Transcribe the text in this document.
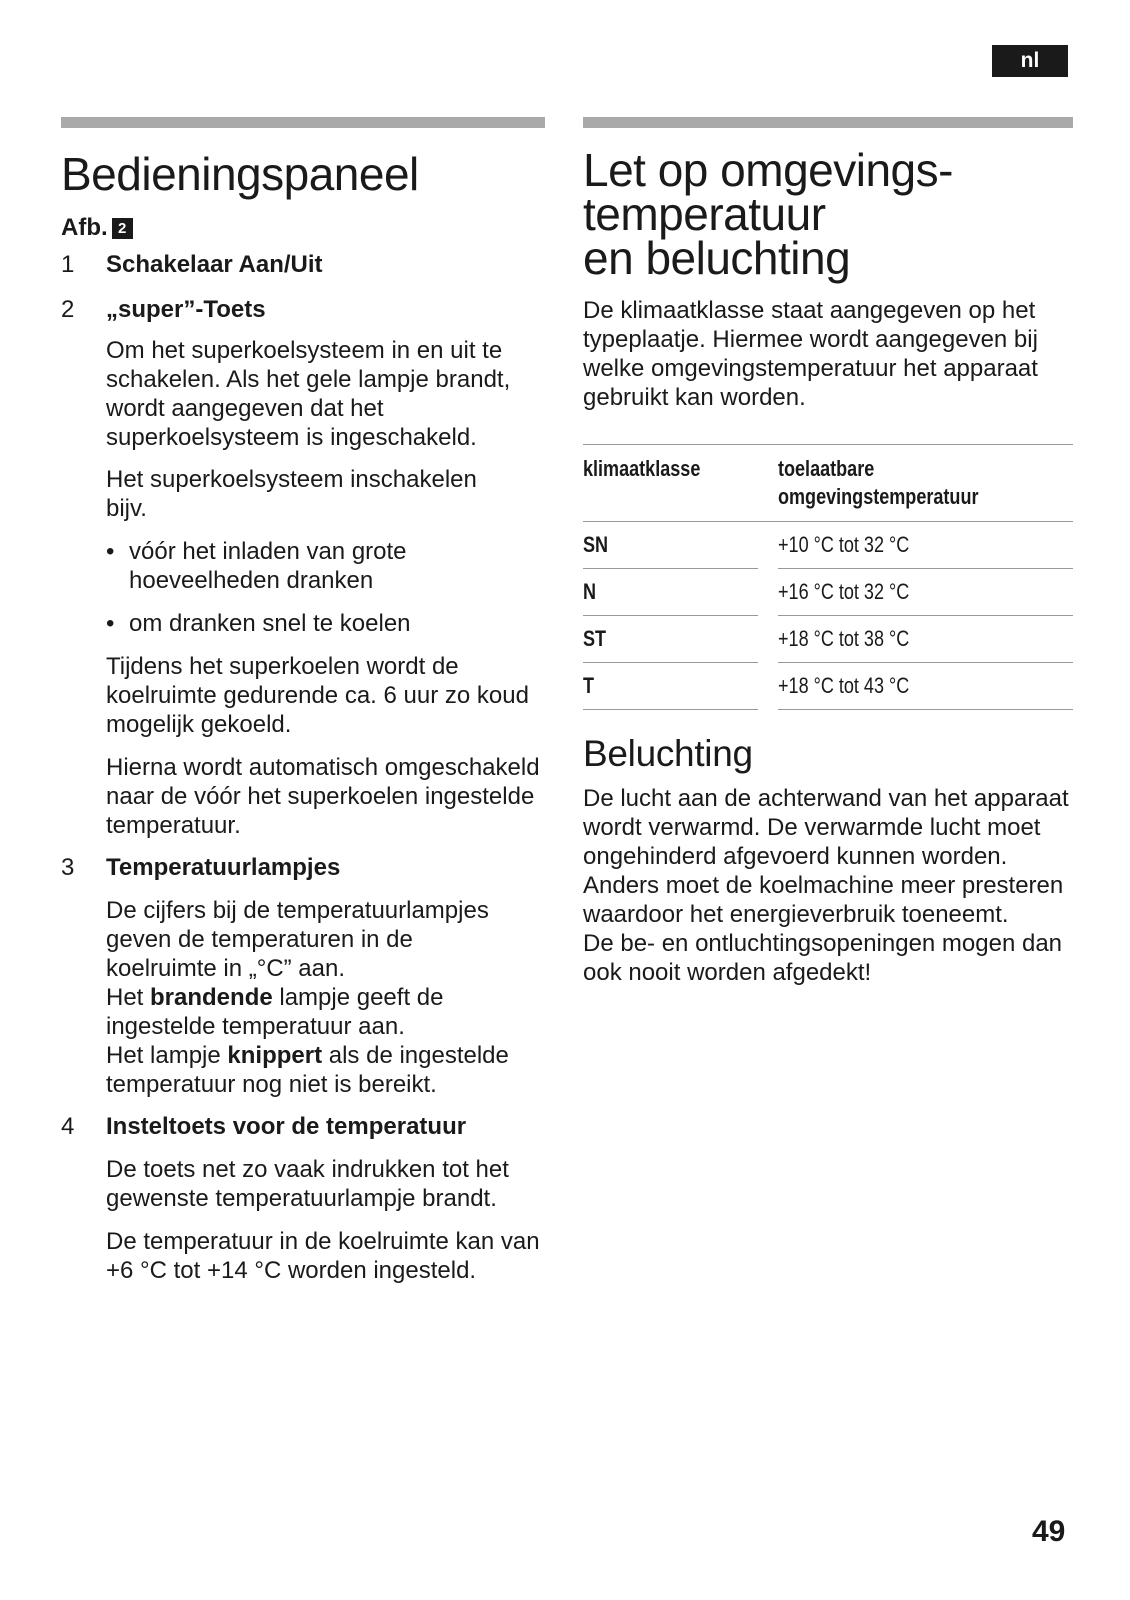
nl
Bedieningspaneel
Afb. 2
1	Schakelaar Aan/Uit
2	„super”-Toets

Om het superkoelsysteem in en uit te schakelen. Als het gele lampje brandt, wordt aangegeven dat het superkoelsysteem is ingeschakeld.

Het superkoelsysteem inschakelen bijv.

• vóór het inladen van grote hoeveelheden dranken
• om dranken snel te koelen

Tijdens het superkoelen wordt de koelruimte gedurende ca. 6 uur zo koud mogelijk gekoeld.

Hierna wordt automatisch omgeschakeld naar de vóór het superkoelen ingestelde temperatuur.

3	Temperatuurlampjes

De cijfers bij de temperatuurlampjes geven de temperaturen in de koelruimte in „°C” aan.

Het brandende lampje geeft de ingestelde temperatuur aan.

Het lampje knippert als de ingestelde temperatuur nog niet is bereikt.

4	Insteltoets voor de temperatuur

De toets net zo vaak indrukken tot het gewenste temperatuurlampje brandt.

De temperatuur in de koelruimte kan van +6 °C tot +14 °C worden ingesteld.

Let op omgevings-
temperatuur
en beluchting

De klimaatklasse staat aangegeven op het typeplaatje. Hiermee wordt aangegeven bij welke omgevingstemperatuur het apparaat gebruikt kan worden.

klimaatklasse		toelaatbare
omgevingstemperatuur
SN		+10 °C tot 32 °C
N		+16 °C tot 32 °C
ST		+18 °C tot 38 °C
T		+18 °C tot 43 °C
Beluchting

De lucht aan de achterwand van het apparaat wordt verwarmd. De verwarmde lucht moet ongehinderd afgevoerd kunnen worden. Anders moet de koelmachine meer presteren waardoor het energieverbruik toeneemt.

De be- en ontluchtingsopeningen mogen dan ook nooit worden afgedekt!

49
